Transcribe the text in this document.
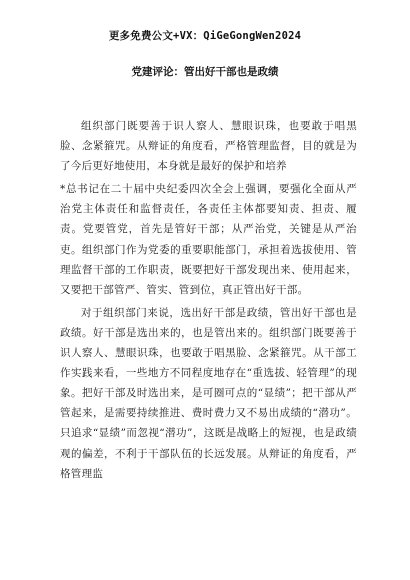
更多免费公文+VX：QiGeGongWen2024
党建评论：管出好干部也是政绩

组织部门既要善于识人察人、慧眼识珠，也要敢于唱黑脸、念紧箍咒。从辩证的角度看，严格管理监督，目的就是为了今后更好地使用，本身就是最好的保护和培养

*总书记在二十届中央纪委四次全会上强调，要强化全面从严治党主体责任和监督责任，各责任主体都要知责、担责、履责。党要管党，首先是管好干部；从严治党，关键是从严治吏。组织部门作为党委的重要职能部门，承担着选拔使用、管理监督干部的工作职责，既要把好干部发现出来、使用起来，又要把干部管严、管实、管到位，真正管出好干部。

对于组织部门来说，选出好干部是政绩，管出好干部也是政绩。好干部是选出来的，也是管出来的。组织部门既要善于识人察人、慧眼识珠，也要敢于唱黑脸、念紧箍咒。从干部工作实践来看，一些地方不同程度地存在“重选拔、轻管理”的现象。把好干部及时选出来，是可圈可点的“显绩”；把干部从严管起来，是需要持续推进、费时费力又不易出成绩的“潜功”。只追求“显绩”而忽视“潜功”，这既是战略上的短视，也是政绩观的偏差，不利于干部队伍的长远发展。从辩证的角度看，严格管理监
